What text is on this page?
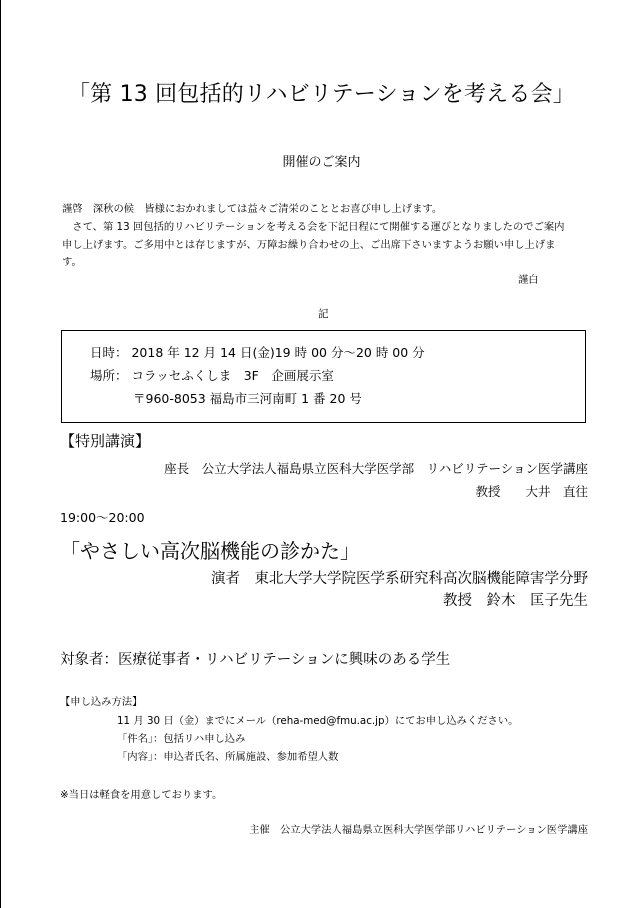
「第 13 回包括的リハビリテーションを考える会」
開催のご案内
謹啓　深秋の候　皆様におかれましては益々ご清栄のこととお喜び申し上げます。
　さて、第 13 回包括的リハビリテーションを考える会を下記日程にて開催する運びとなりましたのでご案内
申し上げます。ご多用中とは存じますが、万障お繰り合わせの上、ご出席下さいますようお願い申し上げま
す。
謹白
記
日時： 2018 年 12 月 14 日(金)19 時 00 分～20 時 00 分
場所： コラッセふくしま　3F　企画展示室
〒960-8053 福島市三河南町 1 番 20 号
【特別講演】
座長　公立大学法人福島県立医科大学医学部　リハビリテーション医学講座
教授　　大井　直往
19:00～20:00
「やさしい高次脳機能の診かた」
演者　東北大学大学院医学系研究科高次脳機能障害学分野
教授　鈴木　匡子先生
対象者：医療従事者・リハビリテーションに興味のある学生
【申し込み方法】
11 月 30 日（金）までにメール（reha-med@fmu.ac.jp）にてお申し込みください。
「件名」：包括リハ申し込み
「内容」：申込者氏名、所属施設、参加希望人数
※当日は軽食を用意しております。
主催　公立大学法人福島県立医科大学医学部リハビリテーション医学講座
